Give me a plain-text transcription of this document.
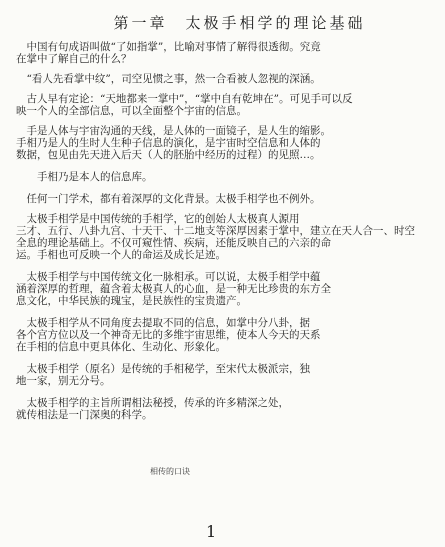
第一章　太极手相学的理论基础

　中国有句成语叫做“了如指掌”，比喻对事情了解得很透彻。究竟

在掌中了解自己的什么？

　“看人先看掌中纹”，司空见惯之事，然一合看被人忽视的深涵。

　古人早有定论：“天地都来一掌中”，“掌中自有乾坤在”。可见手可以反

映一个人的全部信息，可以全面整个宇宙的信息。

　手是人体与宇宙沟通的天线，是人体的一面镜子，是人生的缩影。

手相乃是人的生时人生种子信息的演化，是宇宙时空信息和人体的

数据，包见由先天进入后天（人的胚胎中经历的过程）的见照…。

　　手相乃是本人的信息库。

　任何一门学术，都有着深厚的文化背景。太极手相学也不例外。

　太极手相学是中国传统的手相学，它的创始人太极真人源用

三才、五行、八卦九宫、十天干、十二地支等深厚因素于掌中，建立在天人合一、时空

全息的理论基础上。不仅可窥性情、疾病，还能反映自己的六亲的命

运。手相也可反映一个人的命运及成长足迹。

　太极手相学与中国传统文化一脉相承。可以说，太极手相学中蕴

涵着深厚的哲理，蕴含着太极真人的心血，是一种无比珍贵的东方全

息文化，中华民族的瑰宝，是民族性的宝贵遗产。

　太极手相学从不同角度去提取不同的信息，如掌中分八卦，据

各个宫方位以及一个神奇无比的多维宇宙思维，使本人今天的天系

在手相的信息中更具体化、生动化、形象化。

　太极手相学（原名）是传统的手相秘学，至宋代太极派宗，独

地一家，别无分号。

　太极手相学的主旨所谓相法秘授，传承的许多精深之处，

就传相法是一门深奥的科学。

相传的口诀
1
